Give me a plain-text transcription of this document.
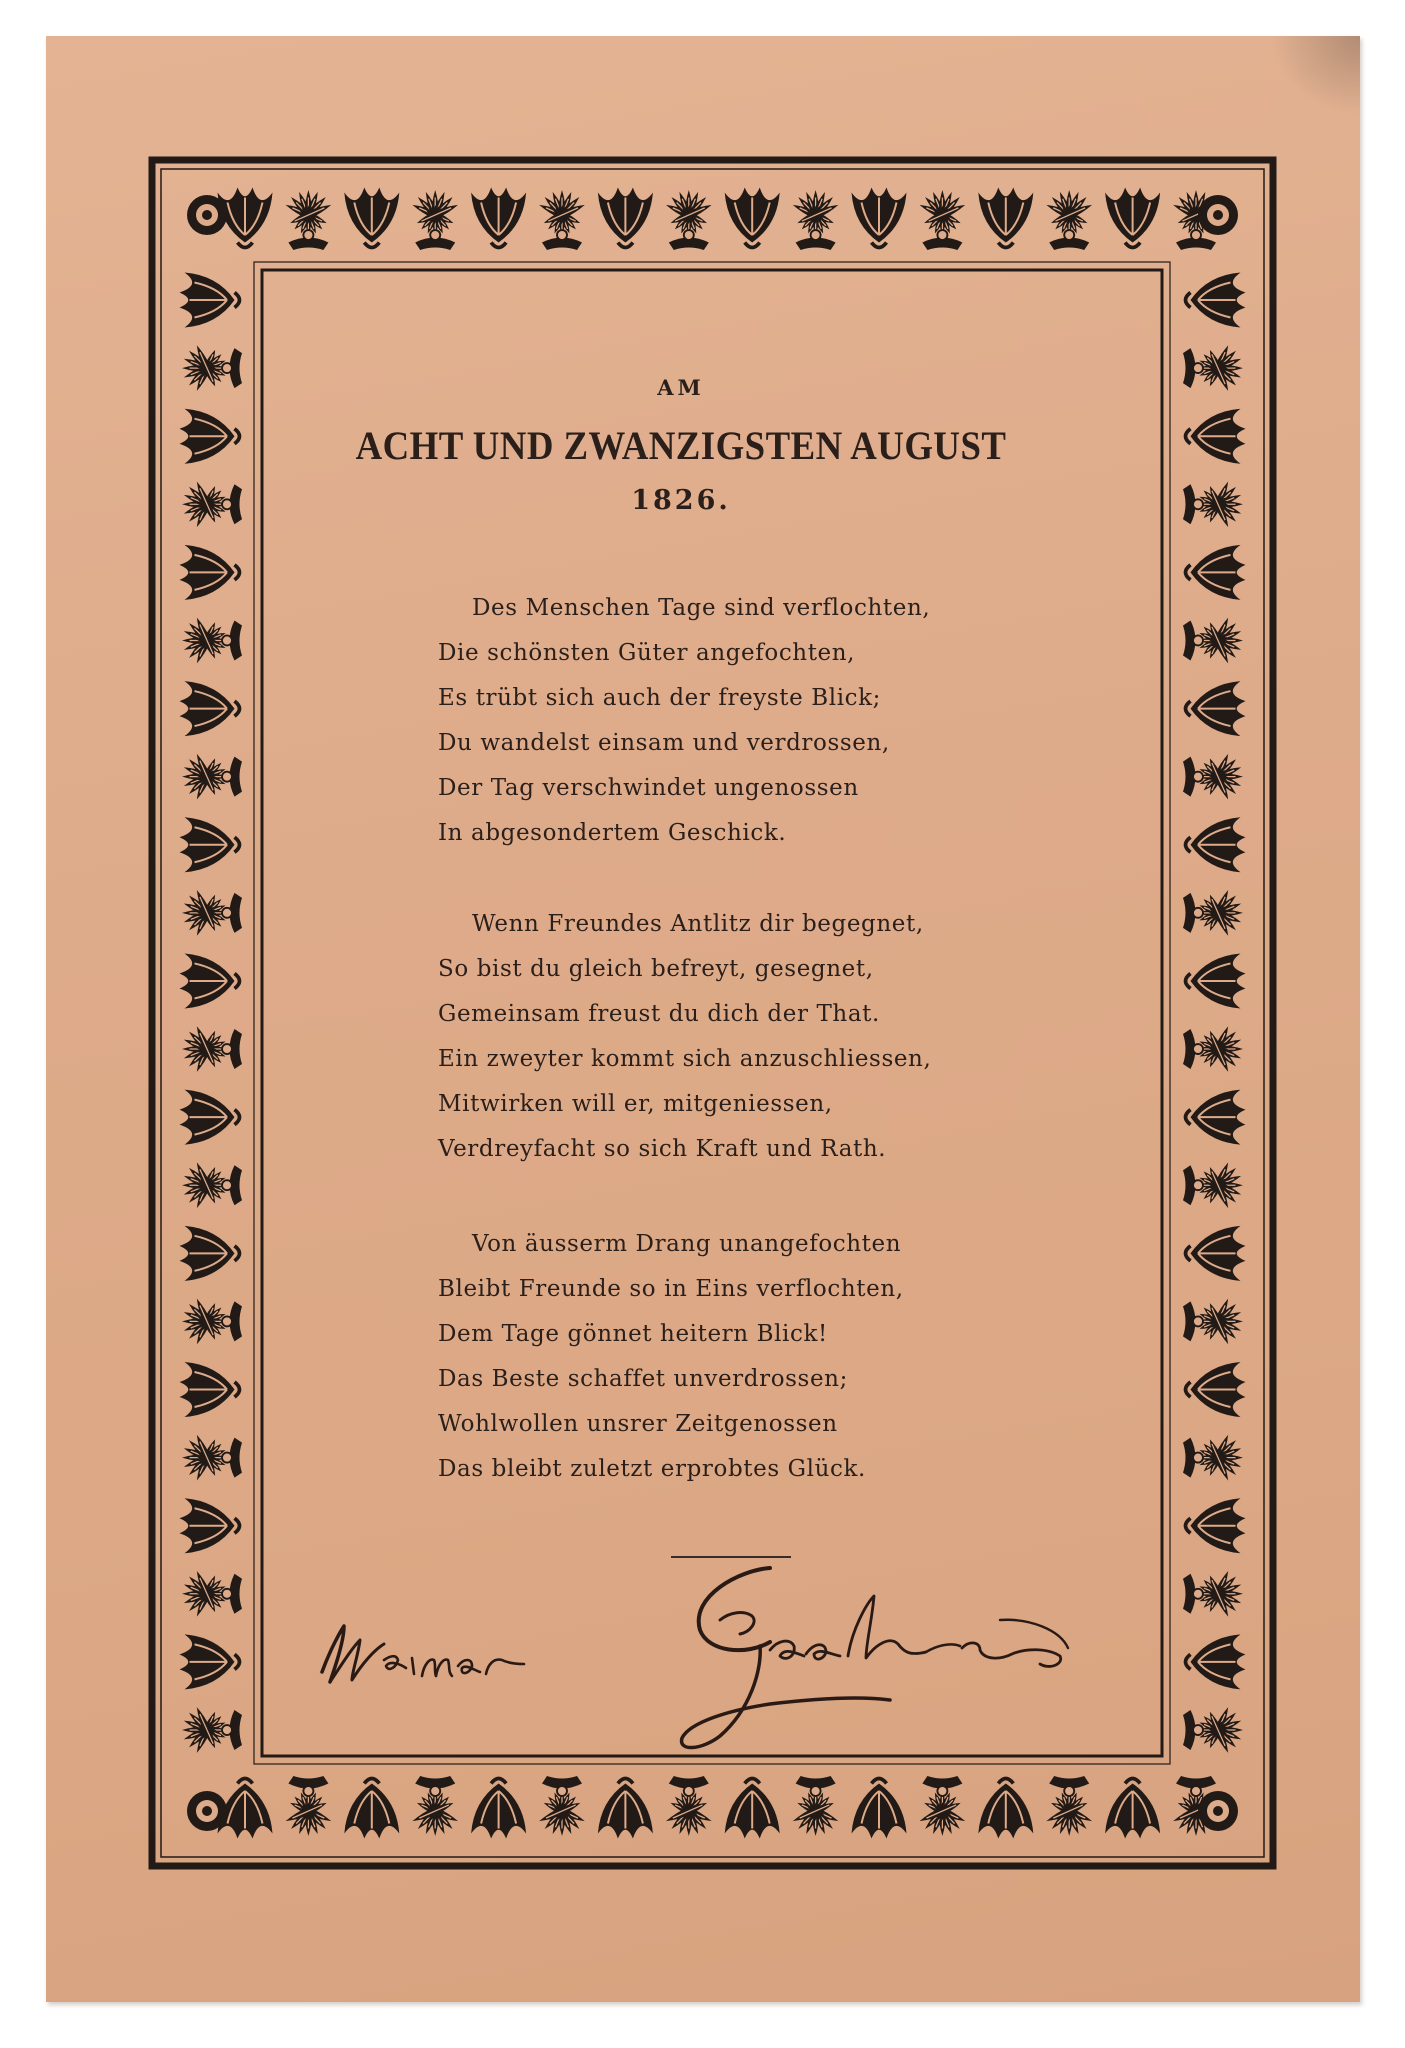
AM
ACHT UND ZWANZIGSTEN AUGUST
1826.
Des Menschen Tage sind verflochten,
Die schönsten Güter angefochten,
Es trübt sich auch der freyste Blick;
Du wandelst einsam und verdrossen,
Der Tag verschwindet ungenossen
In abgesondertem Geschick.
Wenn Freundes Antlitz dir begegnet,
So bist du gleich befreyt, gesegnet,
Gemeinsam freust du dich der That.
Ein zweyter kommt sich anzuschliessen,
Mitwirken will er, mitgeniessen,
Verdreyfacht so sich Kraft und Rath.
Von äusserm Drang unangefochten
Bleibt Freunde so in Eins verflochten,
Dem Tage gönnet heitern Blick!
Das Beste schaffet unverdrossen;
Wohlwollen unsrer Zeitgenossen
Das bleibt zuletzt erprobtes Glück.
